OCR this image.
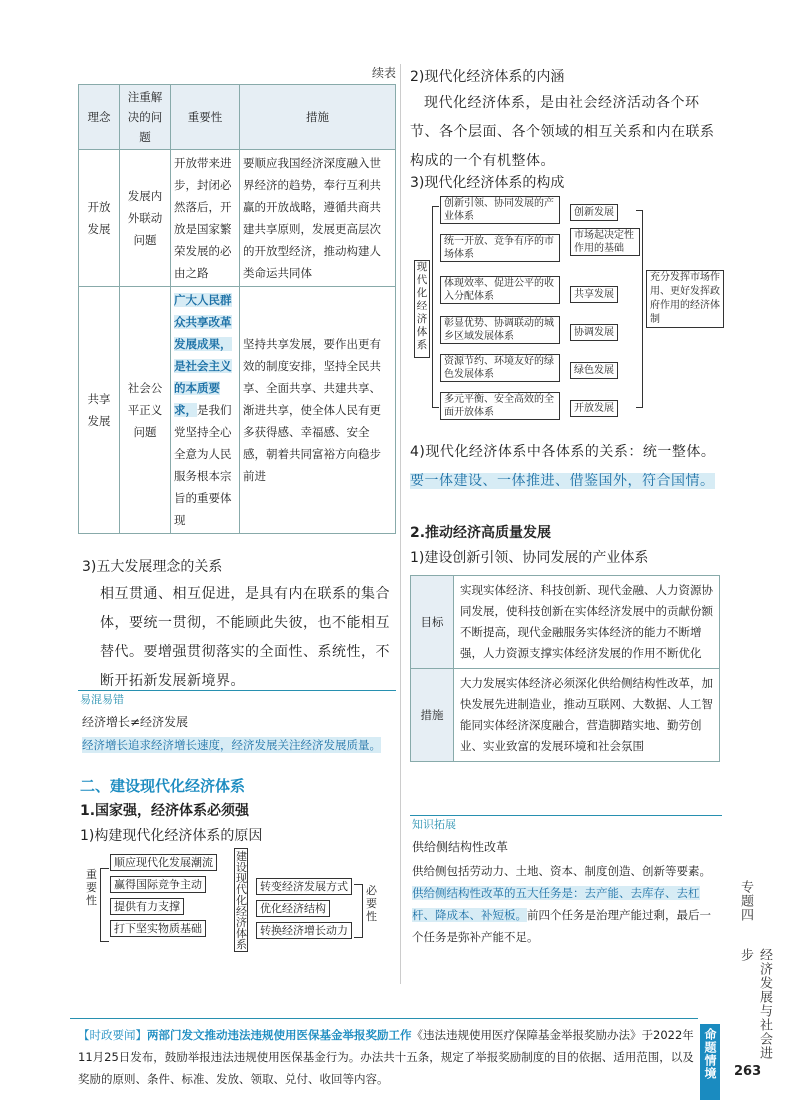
续表
理念	注重解决的问题	重要性	措施
开放发展	发展内外联动问题	开放带来进步，封闭必然落后，开放是国家繁荣发展的必由之路	要顺应我国经济深度融入世界经济的趋势，奉行互利共赢的开放战略，遵循共商共建共享原则，发展更高层次的开放型经济，推动构建人类命运共同体
共享发展	社会公平正义问题	广大人民群众共享改革发展成果，是社会主义的本质要求，是我们党坚持全心全意为人民服务根本宗旨的重要体现	坚持共享发展，要作出更有效的制度安排，坚持全民共享、全面共享、共建共享、渐进共享，使全体人民有更多获得感、幸福感、安全感，朝着共同富裕方向稳步前进
3)五大发展理念的关系
相互贯通、相互促进，是具有内在联系的集合体，要统一贯彻，不能顾此失彼，也不能相互替代。要增强贯彻落实的全面性、系统性，不断开拓新发展新境界。
易混易错
经济增长≠经济发展
经济增长追求经济增长速度，经济发展关注经济发展质量。
二、建设现代化经济体系
1.国家强，经济体系必须强
1)构建现代化经济体系的原因
重要性
顺应现代化发展潮流
赢得国际竞争主动
提供有力支撑
打下坚实物质基础
建设现代化经济体系
转变经济发展方式
优化经济结构
转换经济增长动力
必要性
2)现代化经济体系的内涵
现代化经济体系，是由社会经济活动各个环节、各个层面、各个领域的相互关系和内在联系构成的一个有机整体。
3)现代化经济体系的构成
现代化经济体系
创新引领、协同发展的产业体系	创新发展
统一开放、竞争有序的市场体系
市场起决定性作用的基础
体现效率、促进公平的收入分配体系	共享发展
彰显优势、协调联动的城乡区域发展体系	协调发展
资源节约、环境友好的绿色发展体系	绿色发展
多元平衡、安全高效的全面开放体系	开放发展
充分发挥市场作用、更好发挥政府作用的经济体制
4)现代化经济体系中各体系的关系：统一整体。要一体建设、一体推进、借鉴国外，符合国情。
2.推动经济高质量发展
1)建设创新引领、协同发展的产业体系
目标	实现实体经济、科技创新、现代金融、人力资源协同发展，使科技创新在实体经济发展中的贡献份额不断提高，现代金融服务实体经济的能力不断增强，人力资源支撑实体经济发展的作用不断优化
措施	大力发展实体经济必须深化供给侧结构性改革，加快发展先进制造业，推动互联网、大数据、人工智能同实体经济深度融合，营造脚踏实地、勤劳创业、实业致富的发展环境和社会氛围
知识拓展
供给侧结构性改革
供给侧包括劳动力、土地、资本、制度创造、创新等要素。供给侧结构性改革的五大任务是：去产能、去库存、去杠杆、降成本、补短板。前四个任务是治理产能过剩，最后一个任务是弥补产能不足。
专题四
经济发展与社会进步
命题情境 263
【时政要闻】两部门发文推动违法违规使用医保基金举报奖励工作《违法违规使用医疗保障基金举报奖励办法》于2022年11月25日发布，鼓励举报违法违规使用医保基金行为。办法共十五条，规定了举报奖励制度的目的依据、适用范围，以及奖励的原则、条件、标准、发放、领取、兑付、收回等内容。
